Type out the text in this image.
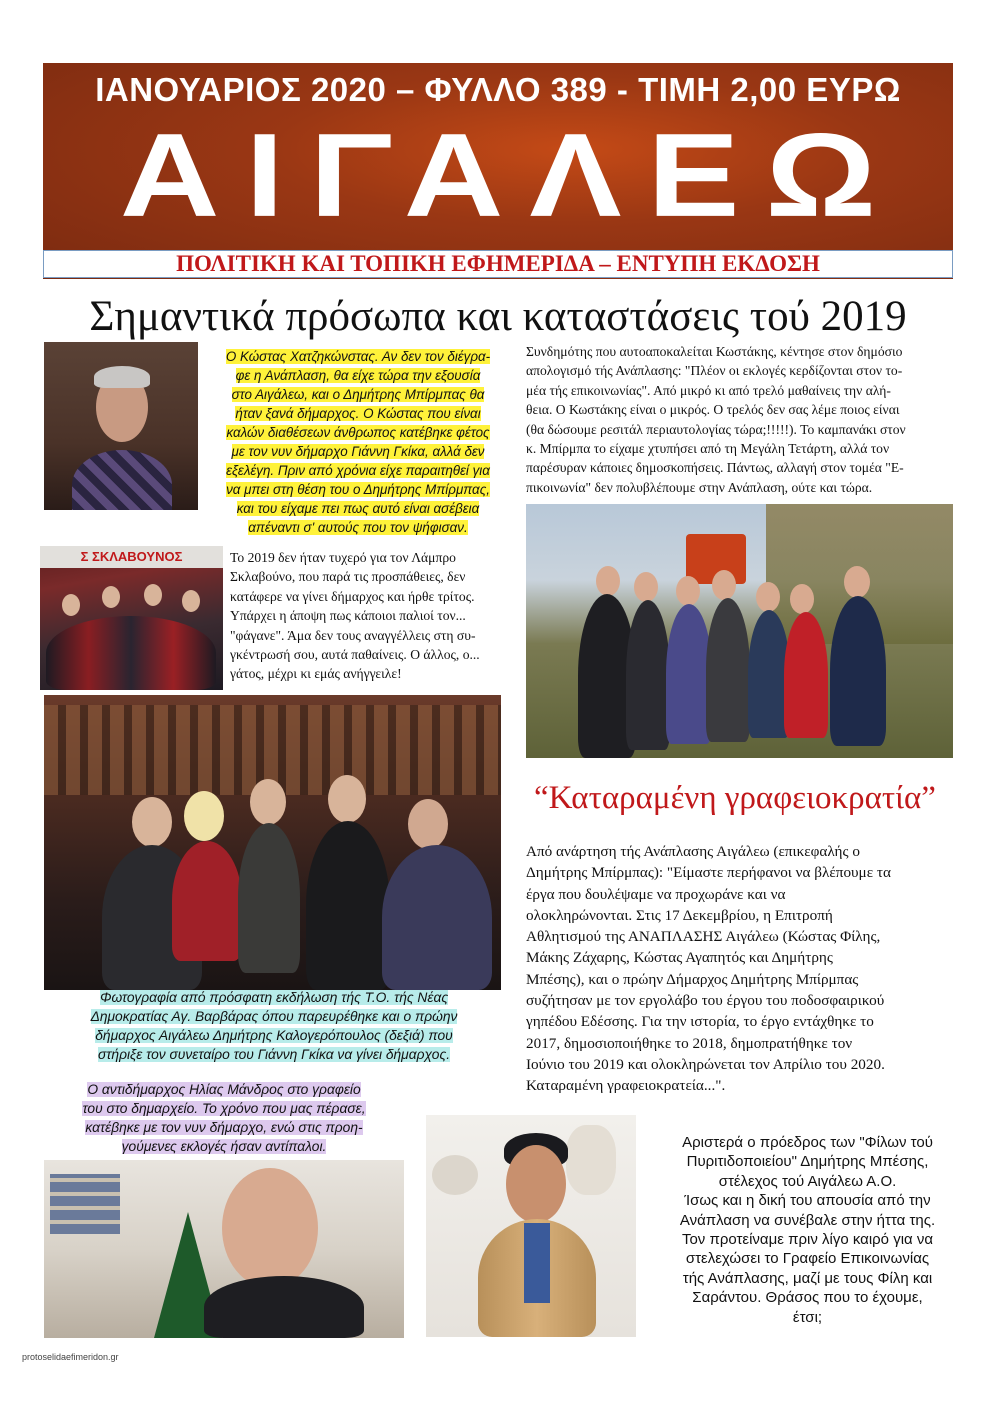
ΙΑΝΟΥΑΡΙΟΣ 2020 – ΦΥΛΛΟ 389 - ΤΙΜΗ 2,00 ΕΥΡΩ
ΑΙΓΑΛΕΩ
ΠΟΛΙΤΙΚΗ ΚΑΙ ΤΟΠΙΚΗ ΕΦΗΜΕΡΙΔΑ – ΕΝΤΥΠΗ ΕΚΔΟΣΗ
Σημαντικά πρόσωπα και καταστάσεις τού 2019
Ο Κώστας Χατζηκώνστας. Αν δεν τον διέγρα-
φε η Ανάπλαση, θα είχε τώρα την εξουσία
στο Αιγάλεω, και ο Δημήτρης Μπίρμπας θα
ήταν ξανά δήμαρχος. Ο Κώστας που είναι
καλών διαθέσεων άνθρωπος κατέβηκε φέτος
με τον νυν δήμαρχο Γιάννη Γκίκα, αλλά δεν
εξελέγη. Πριν από χρόνια είχε παραιτηθεί για
να μπει στη θέση του ο Δημήτρης Μπίρμπας,
και του είχαμε πει πως αυτό είναι ασέβεια
απέναντι σ' αυτούς που τον ψήφισαν.
Σ ΣΚΛΑΒΟΥΝΟΣ	Το 2019 δεν ήταν τυχερό για τον Λάμπρο
Σκλαβούνο, που παρά τις προσπάθειες, δεν
κατάφερε να γίνει δήμαρχος και ήρθε τρίτος.
Υπάρχει η άποψη πως κάποιοι παλιοί τον...
"φάγανε". Άμα δεν τους αναγγέλλεις στη συ-
γκέντρωσή σου, αυτά παθαίνεις. Ο άλλος, ο...
γάτος, μέχρι κι εμάς ανήγγειλε!
Φωτογραφία από πρόσφατη εκδήλωση τής Τ.Ο. τής Νέας
Δημοκρατίας Αγ. Βαρβάρας όπου παρευρέθηκε και ο πρώην
δήμαρχος Αιγάλεω Δημήτρης Καλογερόπουλος (δεξιά) που
στήριξε τον συνεταίρο του Γιάννη Γκίκα να γίνει δήμαρχος.
Ο αντιδήμαρχος Ηλίας Μάνδρος στο γραφείο
του στο δημαρχείο. Το χρόνο που μας πέρασε,
κατέβηκε με τον νυν δήμαρχο, ενώ στις προη-
γούμενες εκλογές ήσαν αντίπαλοι.
Συνδημότης που αυτοαποκαλείται Κωστάκης, κέντησε στον δημόσιο
απολογισμό τής Ανάπλασης: "Πλέον οι εκλογές κερδίζονται στον το-
μέα τής επικοινωνίας". Από μικρό κι από τρελό μαθαίνεις την αλή-
θεια. Ο Κωστάκης είναι ο μικρός. Ο τρελός δεν σας λέμε ποιος είναι
(θα δώσουμε ρεσιτάλ περιαυτολογίας τώρα;!!!!!). Το καμπανάκι στον
κ. Μπίρμπα το είχαμε χτυπήσει από τη Μεγάλη Τετάρτη, αλλά τον
παρέσυραν κάποιες δημοσκοπήσεις. Πάντως, αλλαγή στον τομέα "Ε-
πικοινωνία" δεν πολυβλέπουμε στην Ανάπλαση, ούτε και τώρα.
“Καταραμένη γραφειοκρατία”
Από ανάρτηση τής Ανάπλασης Αιγάλεω (επικεφαλής ο
Δημήτρης Μπίρμπας): "Είμαστε περήφανοι να βλέπουμε τα
έργα που δουλέψαμε να προχωράνε και να
ολοκληρώνονται. Στις 17 Δεκεμβρίου, η Επιτροπή
Αθλητισμού της ΑΝΑΠΛΑΣΗΣ Αιγάλεω (Κώστας Φίλης,
Μάκης Ζάχαρης, Κώστας Αγαπητός και Δημήτρης
Μπέσης), και ο πρώην Δήμαρχος Δημήτρης Μπίρμπας
συζήτησαν με τον εργολάβο του έργου του ποδοσφαιρικού
γηπέδου Εδέσσης. Για την ιστορία, το έργο εντάχθηκε το
2017, δημοσιοποιήθηκε το 2018, δημοπρατήθηκε τον
Ιούνιο του 2019 και ολοκληρώνεται τον Απρίλιο του 2020.
Καταραμένη γραφειοκρατεία...".
Αριστερά ο πρόεδρος των "Φίλων τού
Πυριτιδοποιείου" Δημήτρης Μπέσης,
στέλεχος τού Αιγάλεω Α.Ο.
Ίσως και η δική του απουσία από την
Ανάπλαση να συνέβαλε στην ήττα της.
Τον προτείναμε πριν λίγο καιρό για να
στελεχώσει το Γραφείο Επικοινωνίας
τής Ανάπλασης, μαζί με τους Φίλη και
Σαράντου. Θράσος που το έχουμε,
έτσι;
protoselidaefimeridon.gr
